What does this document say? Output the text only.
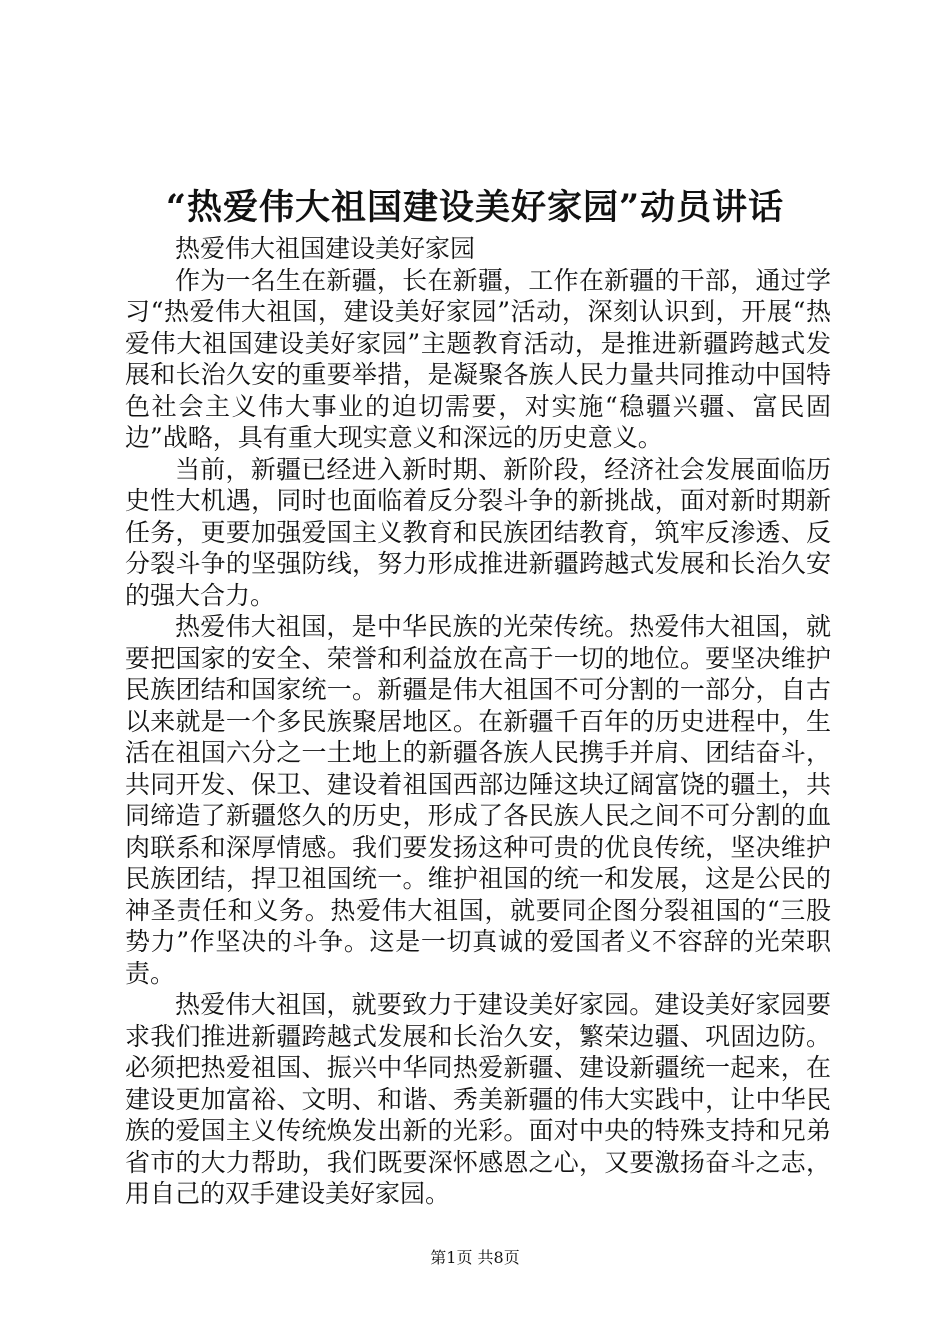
“热爱伟大祖国建设美好家园”动员讲话

热爱伟大祖国建设美好家园

作为一名生在新疆，长在新疆，工作在新疆的干部，通过学习“热爱伟大祖国，建设美好家园”活动，深刻认识到，开展“热爱伟大祖国建设美好家园”主题教育活动，是推进新疆跨越式发展和长治久安的重要举措，是凝聚各族人民力量共同推动中国特色社会主义伟大事业的迫切需要，对实施“稳疆兴疆、富民固边”战略，具有重大现实意义和深远的历史意义。

当前，新疆已经进入新时期、新阶段，经济社会发展面临历史性大机遇，同时也面临着反分裂斗争的新挑战，面对新时期新任务，更要加强爱国主义教育和民族团结教育，筑牢反渗透、反分裂斗争的坚强防线，努力形成推进新疆跨越式发展和长治久安的强大合力。

热爱伟大祖国，是中华民族的光荣传统。热爱伟大祖国，就要把国家的安全、荣誉和利益放在高于一切的地位。要坚决维护民族团结和国家统一。新疆是伟大祖国不可分割的一部分，自古以来就是一个多民族聚居地区。在新疆千百年的历史进程中，生活在祖国六分之一土地上的新疆各族人民携手并肩、团结奋斗，共同开发、保卫、建设着祖国西部边陲这块辽阔富饶的疆土，共同缔造了新疆悠久的历史，形成了各民族人民之间不可分割的血肉联系和深厚情感。我们要发扬这种可贵的优良传统，坚决维护民族团结，捍卫祖国统一。维护祖国的统一和发展，这是公民的神圣责任和义务。热爱伟大祖国，就要同企图分裂祖国的“三股势力”作坚决的斗争。这是一切真诚的爱国者义不容辞的光荣职责。

热爱伟大祖国，就要致力于建设美好家园。建设美好家园要求我们推进新疆跨越式发展和长治久安，繁荣边疆、巩固边防。必须把热爱祖国、振兴中华同热爱新疆、建设新疆统一起来，在建设更加富裕、文明、和谐、秀美新疆的伟大实践中，让中华民族的爱国主义传统焕发出新的光彩。面对中央的特殊支持和兄弟省市的大力帮助，我们既要深怀感恩之心，又要激扬奋斗之志，用自己的双手建设美好家园。

第1页 共8页
